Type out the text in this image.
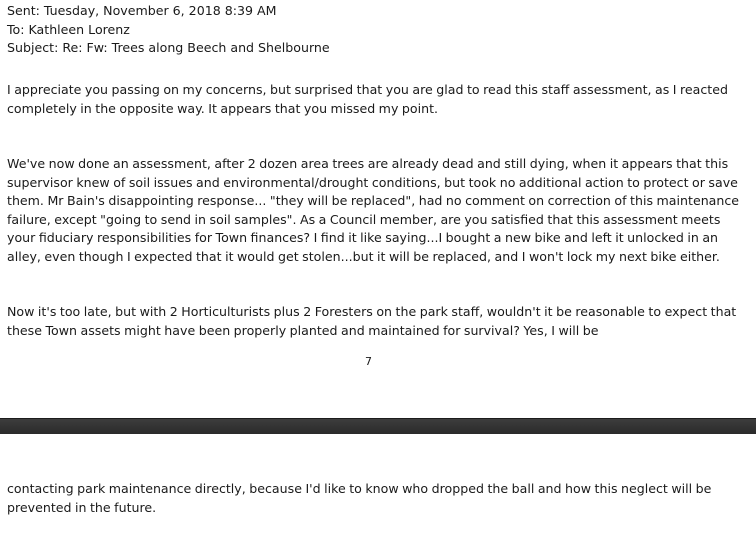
Sent: Tuesday, November 6, 2018 8:39 AM
To: Kathleen Lorenz
Subject: Re: Fw: Trees along Beech and Shelbourne

I appreciate you passing on my concerns, but surprised that you are glad to read this staff assessment, as I reacted completely in the opposite way. It appears that you missed my point.

We've now done an assessment, after 2 dozen area trees are already dead and still dying, when it appears that this supervisor knew of soil issues and environmental/drought conditions, but took no additional action to protect or save them. Mr Bain's disappointing response... "they will be replaced", had no comment on correction of this maintenance failure, except "going to send in soil samples". As a Council member, are you satisfied that this assessment meets your fiduciary responsibilities for Town finances? I find it like saying...I bought a new bike and left it unlocked in an alley, even though I expected that it would get stolen...but it will be replaced, and I won't lock my next bike either.

Now it's too late, but with 2 Horticulturists plus 2 Foresters on the park staff, wouldn't it be reasonable to expect that these Town assets might have been properly planted and maintained for survival? Yes, I will be

7

contacting park maintenance directly, because I'd like to know who dropped the ball and how this neglect will be prevented in the future.
